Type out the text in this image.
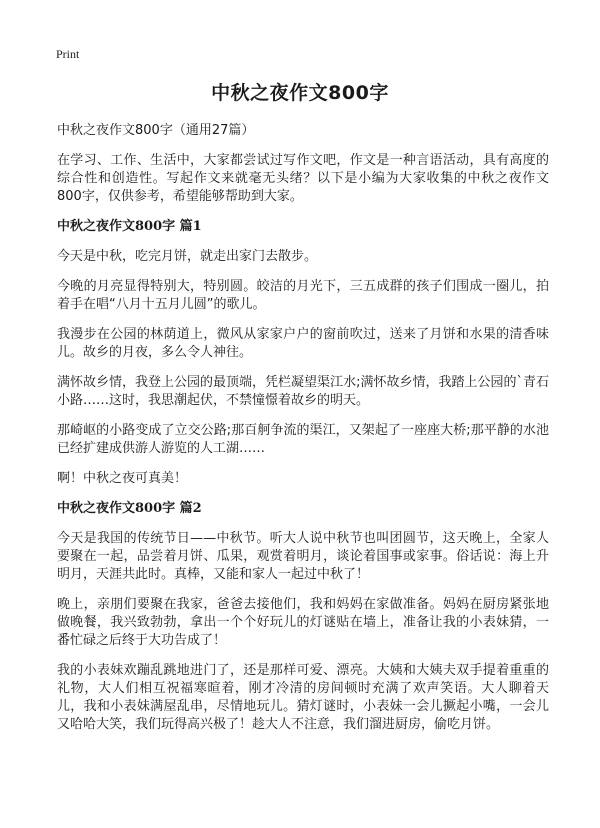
Print
中秋之夜作文800字

中秋之夜作文800字（通用27篇）

在学习、工作、生活中，大家都尝试过写作文吧，作文是一种言语活动，具有高度的综合性和创造性。写起作文来就毫无头绪？以下是小编为大家收集的中秋之夜作文800字，仅供参考，希望能够帮助到大家。

中秋之夜作文800字 篇1

今天是中秋，吃完月饼，就走出家门去散步。

今晚的月亮显得特别大，特别圆。皎洁的月光下，三五成群的孩子们围成一圈儿，拍着手在唱“八月十五月儿圆”的歌儿。

我漫步在公园的林荫道上，微风从家家户户的窗前吹过，送来了月饼和水果的清香味儿。故乡的月夜，多么令人神往。

满怀故乡情，我登上公园的最顶端，凭栏凝望渠江水;满怀故乡情，我踏上公园的`青石小路……这时，我思潮起伏，不禁憧憬着故乡的明天。

那崎岖的小路变成了立交公路;那百舸争流的渠江，又架起了一座座大桥;那平静的水池已经扩建成供游人游览的人工湖……

啊！中秋之夜可真美！

中秋之夜作文800字 篇2

今天是我国的传统节日——中秋节。听大人说中秋节也叫团圆节，这天晚上，全家人要聚在一起，品尝着月饼、瓜果，观赏着明月，谈论着国事或家事。俗话说：海上升明月，天涯共此时。真棒，又能和家人一起过中秋了！

晚上，亲朋们要聚在我家，爸爸去接他们，我和妈妈在家做准备。妈妈在厨房紧张地做晚餐，我兴致勃勃，拿出一个个好玩儿的灯谜贴在墙上，准备让我的小表妹猜，一番忙碌之后终于大功告成了！

我的小表妹欢蹦乱跳地进门了，还是那样可爱、漂亮。大姨和大姨夫双手提着重重的礼物，大人们相互祝福寒暄着，刚才冷清的房间顿时充满了欢声笑语。大人聊着天儿，我和小表妹满屋乱串，尽情地玩儿。猜灯谜时，小表妹一会儿撅起小嘴，一会儿又哈哈大笑，我们玩得高兴极了！趁大人不注意，我们溜进厨房，偷吃月饼。
